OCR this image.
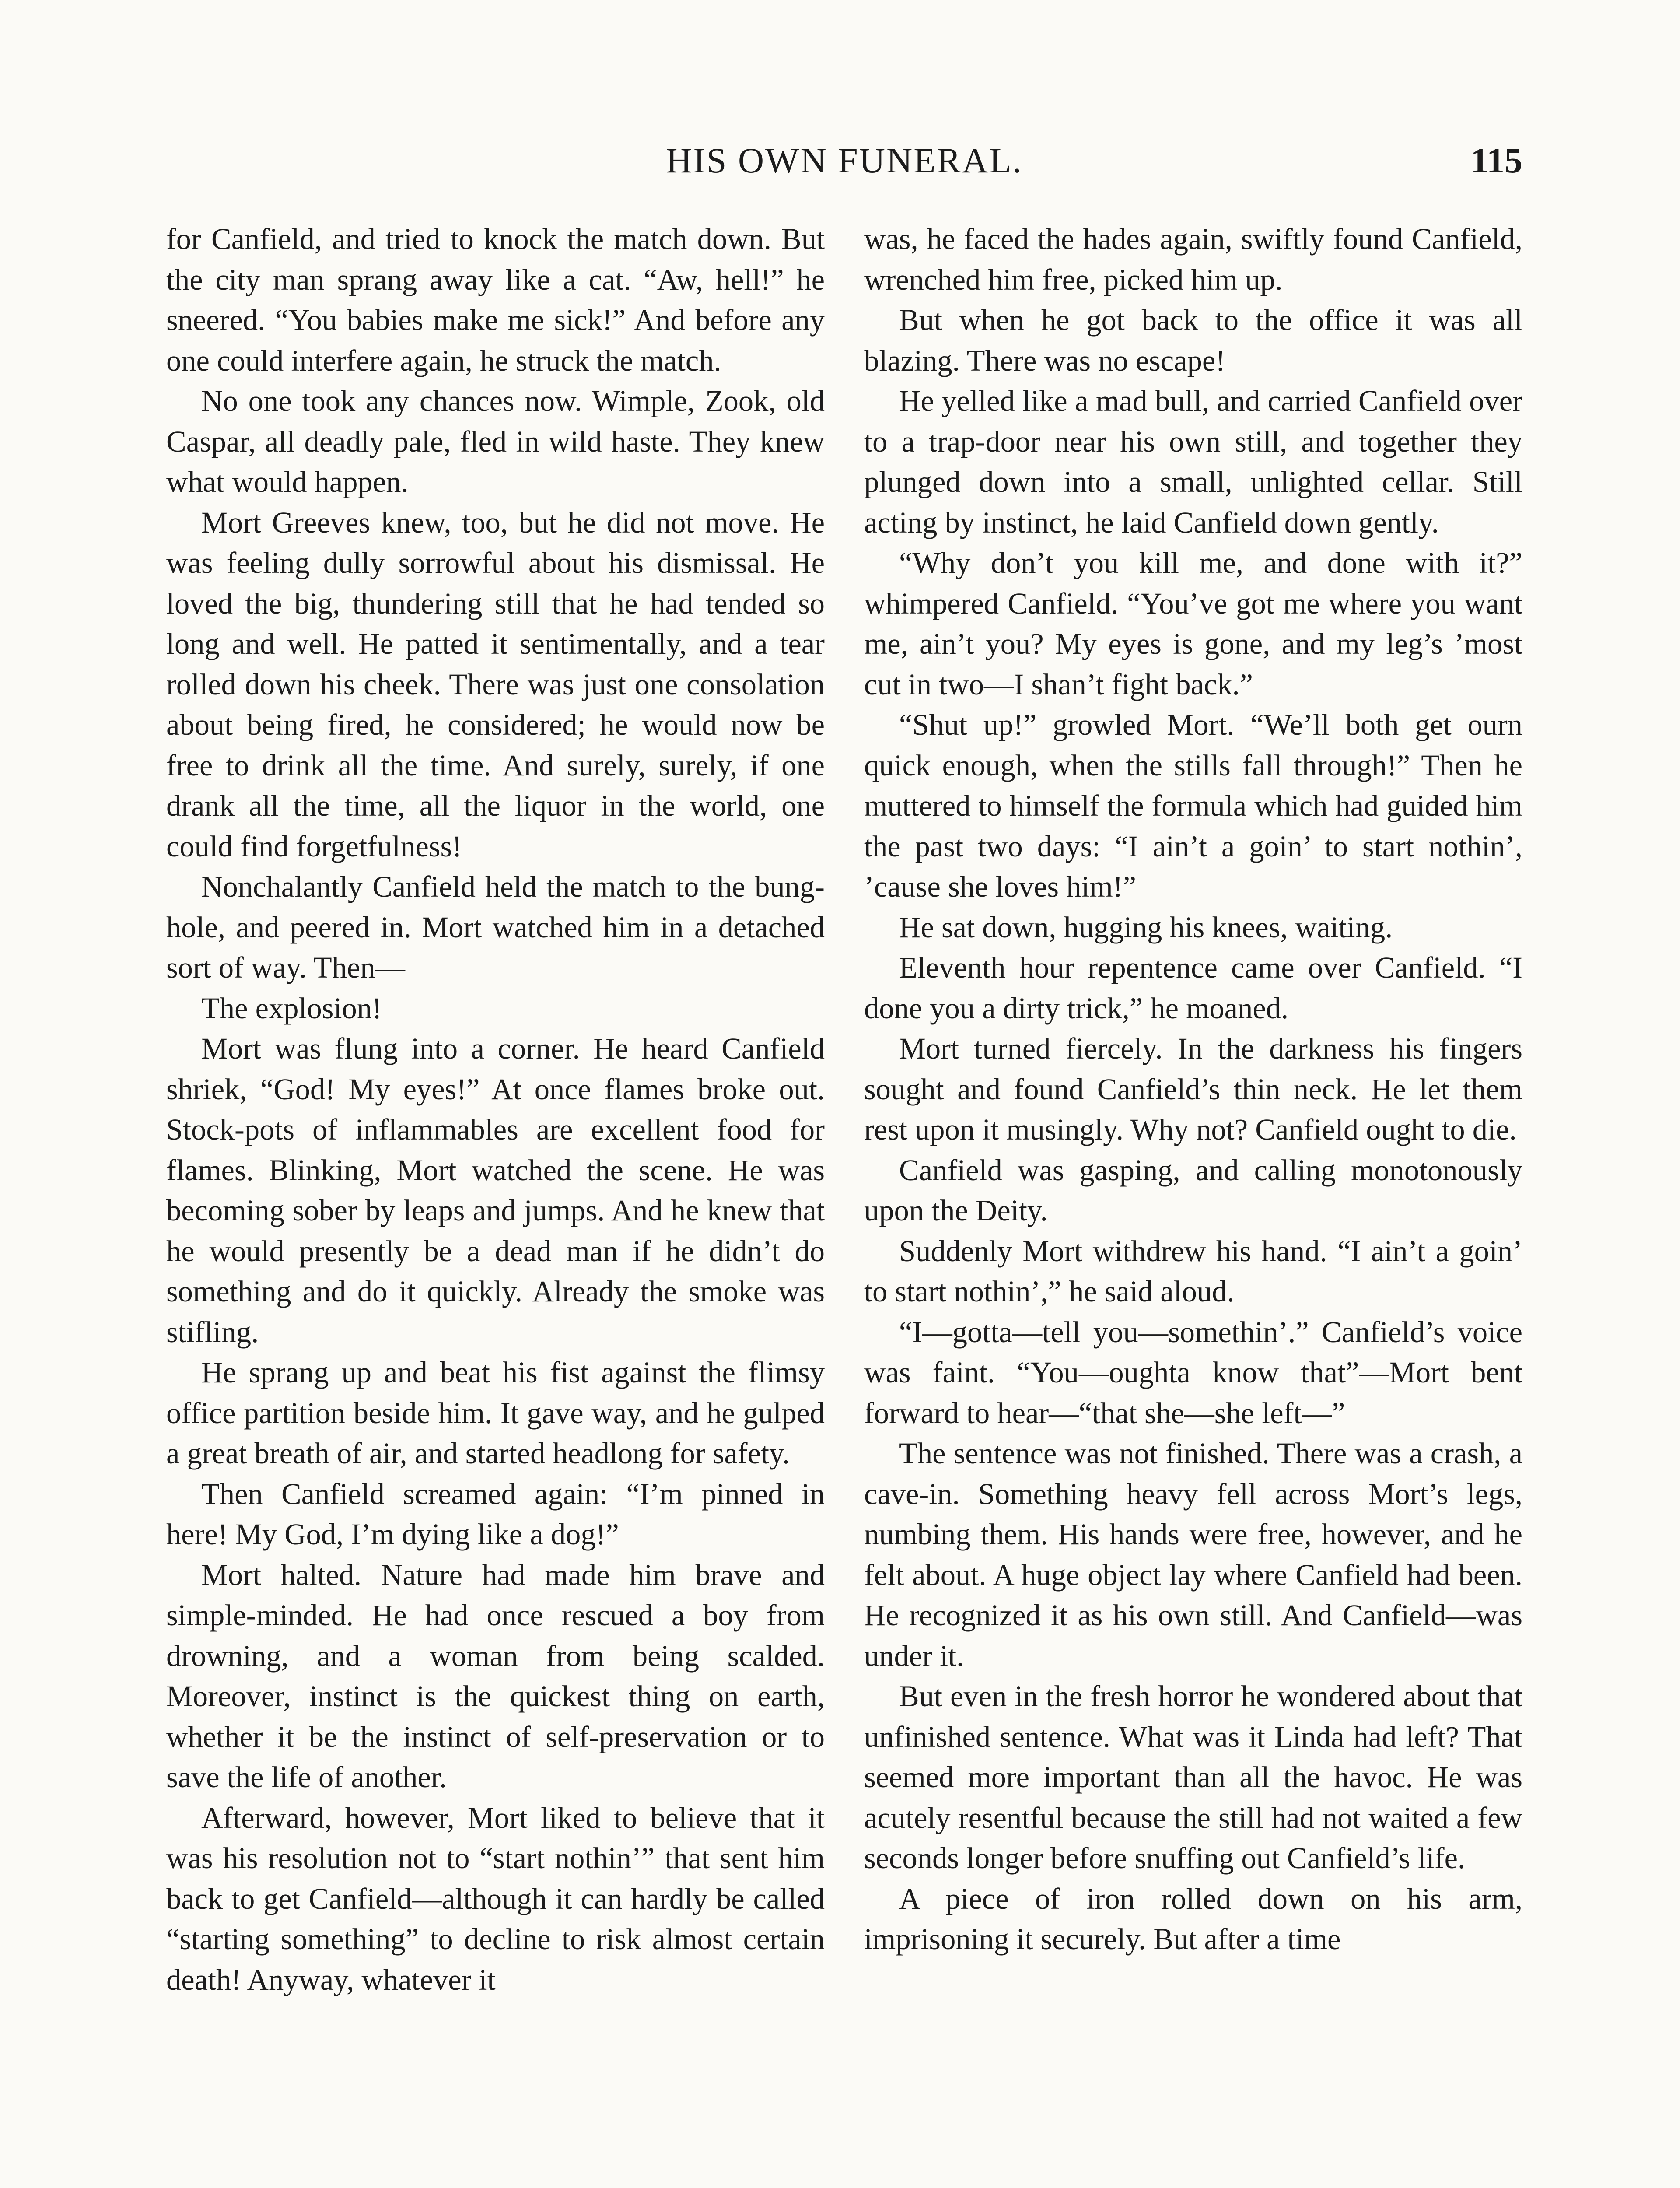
HIS OWN FUNERAL.	115

for Canfield, and tried to knock the match down. But the city man sprang away like a cat. “Aw, hell!” he sneered. “You babies make me sick!” And before any one could interfere again, he struck the match.

No one took any chances now. Wimple, Zook, old Caspar, all deadly pale, fled in wild haste. They knew what would happen.

Mort Greeves knew, too, but he did not move. He was feeling dully sorrowful about his dismissal. He loved the big, thundering still that he had tended so long and well. He patted it sentimentally, and a tear rolled down his cheek. There was just one consolation about being fired, he considered; he would now be free to drink all the time. And surely, surely, if one drank all the time, all the liquor in the world, one could find forgetfulness!

Nonchalantly Canfield held the match to the bung-hole, and peered in. Mort watched him in a detached sort of way. Then—

The explosion!

Mort was flung into a corner. He heard Canfield shriek, “God! My eyes!” At once flames broke out. Stock-pots of inflammables are excellent food for flames. Blinking, Mort watched the scene. He was becoming sober by leaps and jumps. And he knew that he would presently be a dead man if he didn’t do something and do it quickly. Already the smoke was stifling.

He sprang up and beat his fist against the flimsy office partition beside him. It gave way, and he gulped a great breath of air, and started headlong for safety.

Then Canfield screamed again: “I’m pinned in here! My God, I’m dying like a dog!”

Mort halted. Nature had made him brave and simple-minded. He had once rescued a boy from drowning, and a woman from being scalded. Moreover, instinct is the quickest thing on earth, whether it be the instinct of self-preservation or to save the life of another.

Afterward, however, Mort liked to believe that it was his resolution not to “start nothin’” that sent him back to get Canfield—although it can hardly be called “starting something” to decline to risk almost certain death! Anyway, whatever it

was, he faced the hades again, swiftly found Canfield, wrenched him free, picked him up.

But when he got back to the office it was all blazing. There was no escape!

He yelled like a mad bull, and carried Canfield over to a trap-door near his own still, and together they plunged down into a small, unlighted cellar. Still acting by instinct, he laid Canfield down gently.

“Why don’t you kill me, and done with it?” whimpered Canfield. “You’ve got me where you want me, ain’t you? My eyes is gone, and my leg’s ’most cut in two—I shan’t fight back.”

“Shut up!” growled Mort. “We’ll both get ourn quick enough, when the stills fall through!” Then he muttered to himself the formula which had guided him the past two days: “I ain’t a goin’ to start nothin’, ’cause she loves him!”

He sat down, hugging his knees, waiting.

Eleventh hour repentence came over Canfield. “I done you a dirty trick,” he moaned.

Mort turned fiercely. In the darkness his fingers sought and found Canfield’s thin neck. He let them rest upon it musingly. Why not? Canfield ought to die.

Canfield was gasping, and calling monotonously upon the Deity.

Suddenly Mort withdrew his hand. “I ain’t a goin’ to start nothin’,” he said aloud.

“I—gotta—tell you—somethin’.” Canfield’s voice was faint. “You—oughta know that”—Mort bent forward to hear—“that she—she left—”

The sentence was not finished. There was a crash, a cave-in. Something heavy fell across Mort’s legs, numbing them. His hands were free, however, and he felt about. A huge object lay where Canfield had been. He recognized it as his own still. And Canfield—was under it.

But even in the fresh horror he wondered about that unfinished sentence. What was it Linda had left? That seemed more important than all the havoc. He was acutely resentful because the still had not waited a few seconds longer before snuffing out Canfield’s life.

A piece of iron rolled down on his arm, imprisoning it securely. But after a time
